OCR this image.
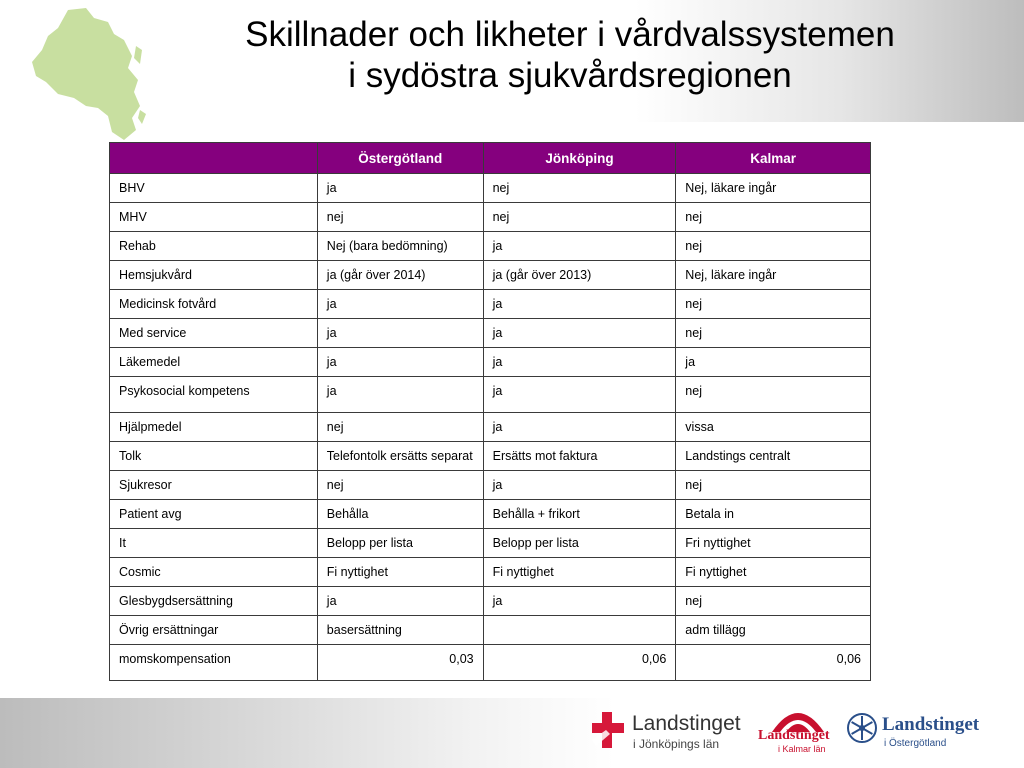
Skillnader och likheter i vårdvalssystemen
i sydöstra sjukvårdsregionen
	Östergötland	Jönköping	Kalmar
BHV	ja	nej	Nej, läkare ingår
MHV	nej	nej	nej
Rehab	Nej (bara bedömning)	ja	nej
Hemsjukvård	ja (går över 2014)	ja (går över 2013)	Nej, läkare ingår
Medicinsk fotvård	ja	ja	nej
Med service	ja	ja	nej
Läkemedel	ja	ja	ja
Psykosocial kompetens	ja	ja	nej
Hjälpmedel	nej	ja	vissa
Tolk	Telefontolk ersätts separat	Ersätts mot faktura	Landstings centralt
Sjukresor	nej	ja	nej
Patient avg	Behålla	Behålla + frikort	Betala in
It	Belopp per lista	Belopp per lista	Fri nyttighet
Cosmic	Fi nyttighet	Fi nyttighet	Fi nyttighet
Glesbygdsersättning	ja	ja	nej
Övrig ersättningar	basersättning		adm tillägg
momskompensation	0,03	0,06	0,06
Landstinget
i Jönköpings län
Landstinget
i Kalmar län
Landstinget
i Östergötland
